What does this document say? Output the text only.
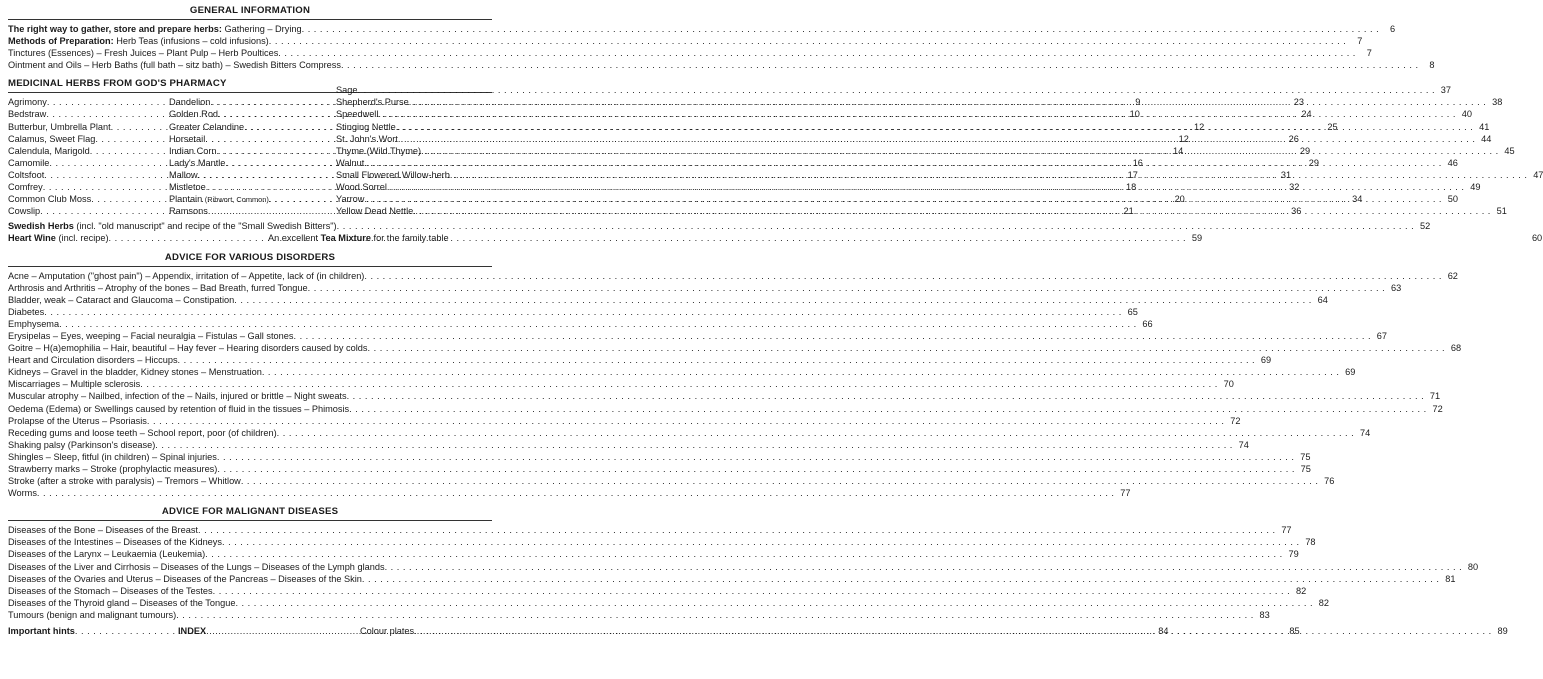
GENERAL INFORMATION
The right way to gather, store and prepare herbs: Gathering – Drying . . .	6
Methods of Preparation: Herb Teas (infusions – cold infusions) . . .	7
Tinctures (Essences) – Fresh Juices – Plant Pulp – Herb Poultices . . .	7
Ointment and Oils – Herb Baths (full bath – sitz bath) – Swedish Bitters Compress . . .	8
MEDICINAL HERBS FROM GOD'S PHARMACY
Agrimony . . .	9
Bedstraw . . .	10
Butterbur, Umbrella Plant . . .	12
Calamus, Sweet Flag . . .	12
Calendula, Marigold . . .	14
Camomile . . .	16
Coltsfoot . . .	17
Comfrey . . .	18
Common Club Moss . . .	20
Cowslip . . .	21
Dandelion . . .	23
Golden Rod . . .	24
Greater Celandine . . .	25
Horsetail . . .	26
Indian Corn . . .	29
Lady's Mantle . . .	29
Mallow . . .	31
Mistletoe . . .	32
Plantain (Ribwort, Common) . . .	34
Ramsons . . .	36
Sage . . .	37
Shepherd's Purse . . .	38
Speedwell . . .	40
Stinging Nettle . . .	41
St. John's Wort . . .	44
Thyme (Wild Thyme) . . .	45
Walnut . . .	46
Small Flowered Willow-herb . . .	47
Wood Sorrel . . .	49
Yarrow . . .	50
Yellow Dead Nettle . . .	51
Swedish Herbs (incl. "old manuscript" and recipe of the "Small Swedish Bitters") . . .	52
Heart Wine (incl. recipe) . . .	59
An excellent Tea Mixture for the family table	60
ADVICE FOR VARIOUS DISORDERS
Acne – Amputation ("ghost pain") – Appendix, irritation of – Appetite, lack of (in children) . . .	62
Arthrosis and Arthritis – Atrophy of the bones – Bad Breath, furred Tongue . . .	63
Bladder, weak – Cataract and Glaucoma – Constipation . . .	64
Diabetes . . .	65
Emphysema . . .	66
Erysipelas – Eyes, weeping – Facial neuralgia – Fistulas – Gall stones . . .	67
Goitre – H(a)emophilia – Hair, beautiful – Hay fever – Hearing disorders caused by colds . . .	68
Heart and Circulation disorders – Hiccups . . .	69
Kidneys – Gravel in the bladder, Kidney stones – Menstruation . . .	69
Miscarriages – Multiple sclerosis . . .	70
Muscular atrophy – Nailbed, infection of the – Nails, injured or brittle – Night sweats . . .	71
Oedema (Edema) or Swellings caused by retention of fluid in the tissues – Phimosis . . .	72
Prolapse of the Uterus – Psoriasis . . .	72
Receding gums and loose teeth – School report, poor (of children) . . .	74
Shaking palsy (Parkinson's disease) . . .	74
Shingles – Sleep, fitful (in children) – Spinal injuries . . .	75
Strawberry marks – Stroke (prophylactic measures) . . .	75
Stroke (after a stroke with paralysis) – Tremors – Whitlow . . .	76
Worms . . .	77
ADVICE FOR MALIGNANT DISEASES
Diseases of the Bone – Diseases of the Breast . . .	77
Diseases of the Intestines – Diseases of the Kidneys . . .	78
Diseases of the Larynx – Leukaemia (Leukemia) . . .	79
Diseases of the Liver and Cirrhosis – Diseases of the Lungs – Diseases of the Lymph glands . . .	80
Diseases of the Ovaries and Uterus – Diseases of the Pancreas – Diseases of the Skin . . .	81
Diseases of the Stomach – Diseases of the Testes . . .	82
Diseases of the Thyroid gland – Diseases of the Tongue . . .	82
Tumours (benign and malignant tumours) . . .	83
Important hints . . .	84
INDEX . . .	85
Colour plates . . .	89
